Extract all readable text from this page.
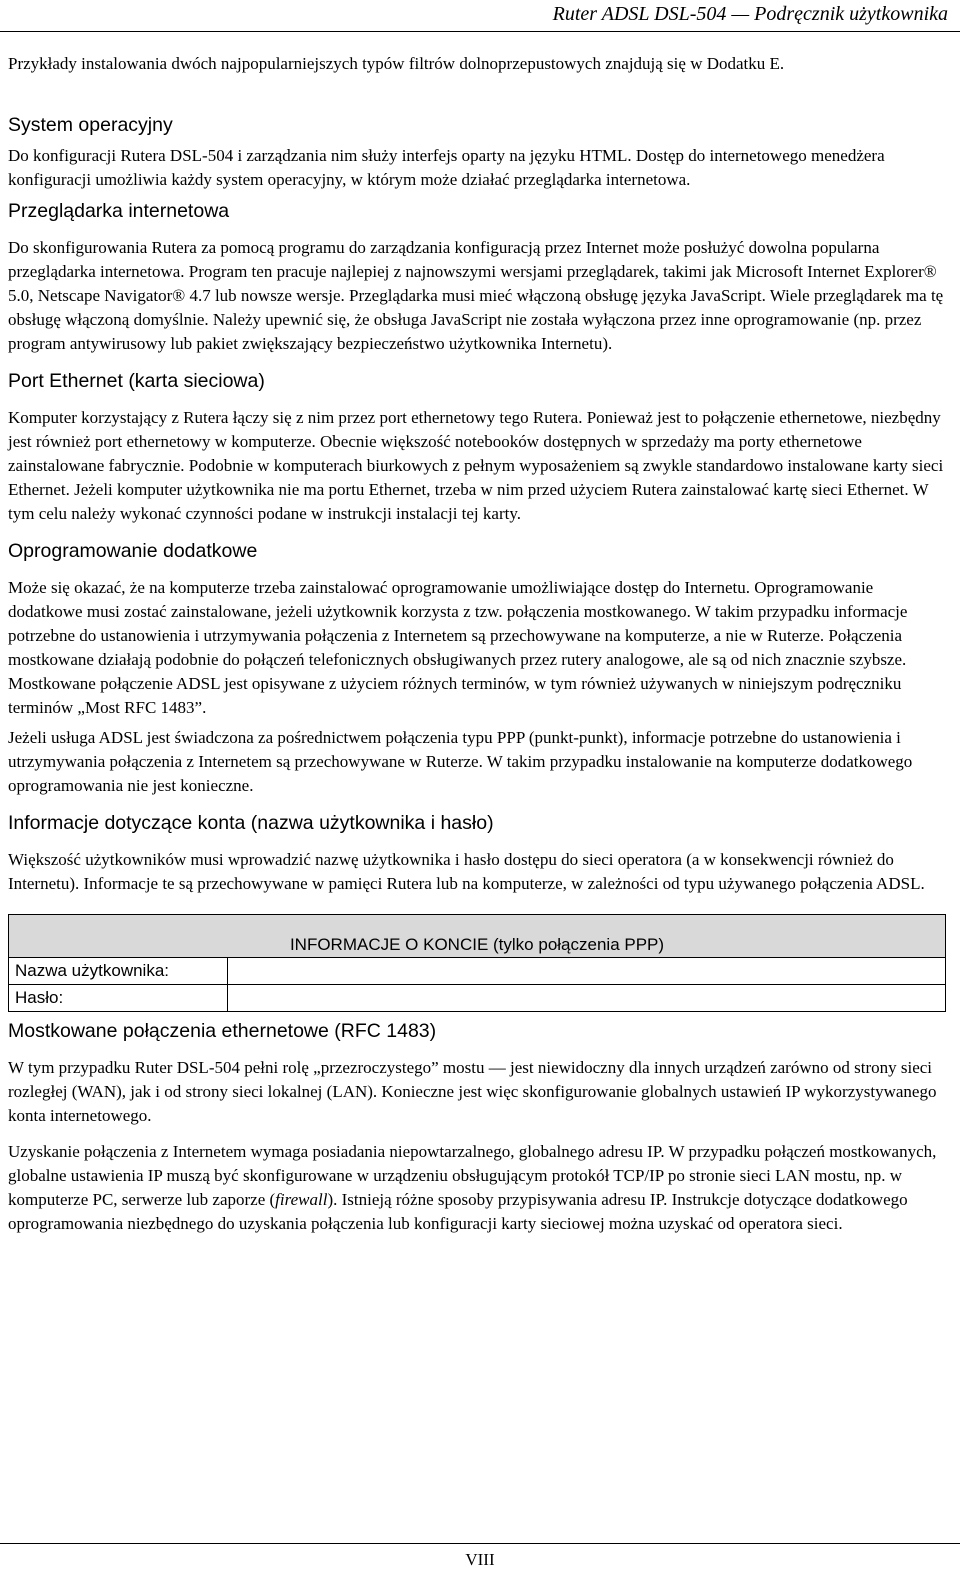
Ruter ADSL DSL-504 — Podręcznik użytkownika

Przykłady instalowania dwóch najpopularniejszych typów filtrów dolnoprzepustowych znajdują się w Dodatku E.

System operacyjny

Do konfiguracji Rutera DSL-504 i zarządzania nim służy interfejs oparty na języku HTML. Dostęp do internetowego menedżera konfiguracji umożliwia każdy system operacyjny, w którym może działać przeglądarka internetowa.

Przeglądarka internetowa

Do skonfigurowania Rutera za pomocą programu do zarządzania konfiguracją przez Internet może posłużyć dowolna popularna przeglądarka internetowa. Program ten pracuje najlepiej z najnowszymi wersjami przeglądarek, takimi jak Microsoft Internet Explorer® 5.0, Netscape Navigator® 4.7 lub nowsze wersje. Przeglądarka musi mieć włączoną obsługę języka JavaScript. Wiele przeglądarek ma tę obsługę włączoną domyślnie. Należy upewnić się, że obsługa JavaScript nie została wyłączona przez inne oprogramowanie (np. przez program antywirusowy lub pakiet zwiększający bezpieczeństwo użytkownika Internetu).

Port Ethernet (karta sieciowa)

Komputer korzystający z Rutera łączy się z nim przez port ethernetowy tego Rutera. Ponieważ jest to połączenie ethernetowe, niezbędny jest również port ethernetowy w komputerze. Obecnie większość notebooków dostępnych w sprzedaży ma porty ethernetowe zainstalowane fabrycznie. Podobnie w komputerach biurkowych z pełnym wyposażeniem są zwykle standardowo instalowane karty sieci Ethernet. Jeżeli komputer użytkownika nie ma portu Ethernet, trzeba w nim przed użyciem Rutera zainstalować kartę sieci Ethernet. W tym celu należy wykonać czynności podane w instrukcji instalacji tej karty.

Oprogramowanie dodatkowe

Może się okazać, że na komputerze trzeba zainstalować oprogramowanie umożliwiające dostęp do Internetu. Oprogramowanie dodatkowe musi zostać zainstalowane, jeżeli użytkownik korzysta z tzw. połączenia mostkowanego. W takim przypadku informacje potrzebne do ustanowienia i utrzymywania połączenia z Internetem są przechowywane na komputerze, a nie w Ruterze. Połączenia mostkowane działają podobnie do połączeń telefonicznych obsługiwanych przez rutery analogowe, ale są od nich znacznie szybsze. Mostkowane połączenie ADSL jest opisywane z użyciem różnych terminów, w tym również używanych w niniejszym podręczniku terminów „Most RFC 1483”.

Jeżeli usługa ADSL jest świadczona za pośrednictwem połączenia typu PPP (punkt-punkt), informacje potrzebne do ustanowienia i utrzymywania połączenia z Internetem są przechowywane w Ruterze. W takim przypadku instalowanie na komputerze dodatkowego oprogramowania nie jest konieczne.

Informacje dotyczące konta (nazwa użytkownika i hasło)

Większość użytkowników musi wprowadzić nazwę użytkownika i hasło dostępu do sieci operatora (a w konsekwencji również do Internetu). Informacje te są przechowywane w pamięci Rutera lub na komputerze, w zależności od typu używanego połączenia ADSL.

INFORMACJE O KONCIE (tylko połączenia PPP)	

Nazwa użytkownika:	
Hasło:	
Mostkowane połączenia ethernetowe (RFC 1483)

W tym przypadku Ruter DSL-504 pełni rolę „przezroczystego” mostu — jest niewidoczny dla innych urządzeń zarówno od strony sieci rozległej (WAN), jak i od strony sieci lokalnej (LAN). Konieczne jest więc skonfigurowanie globalnych ustawień IP wykorzystywanego konta internetowego.

Uzyskanie połączenia z Internetem wymaga posiadania niepowtarzalnego, globalnego adresu IP. W przypadku połączeń mostkowanych, globalne ustawienia IP muszą być skonfigurowane w urządzeniu obsługującym protokół TCP/IP po stronie sieci LAN mostu, np. w komputerze PC, serwerze lub zaporze (firewall). Istnieją różne sposoby przypisywania adresu IP. Instrukcje dotyczące dodatkowego oprogramowania niezbędnego do uzyskania połączenia lub konfiguracji karty sieciowej można uzyskać od operatora sieci.

VIII
